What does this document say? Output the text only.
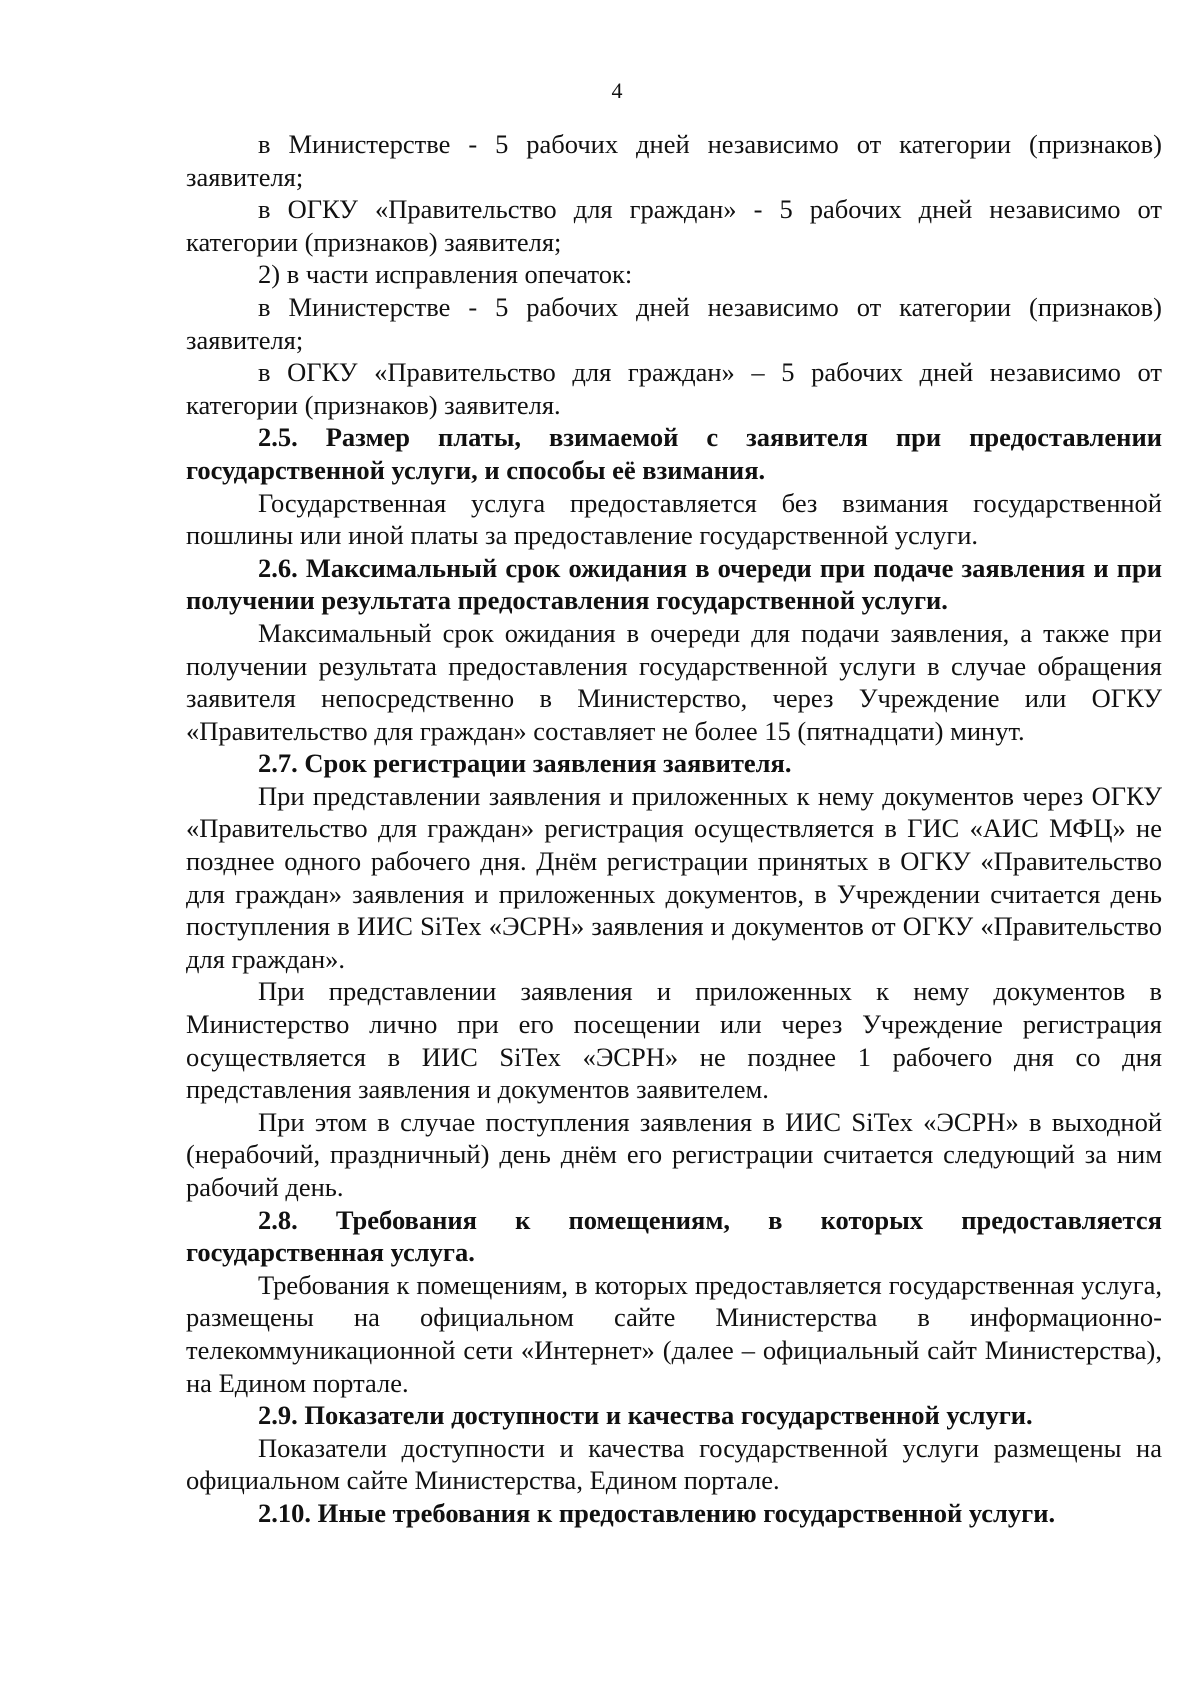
4

в Министерстве - 5 рабочих дней независимо от категории (признаков) заявителя;

в ОГКУ «Правительство для граждан» - 5 рабочих дней независимо от категории (признаков) заявителя;

2) в части исправления опечаток:

в Министерстве - 5 рабочих дней независимо от категории (признаков) заявителя;

в ОГКУ «Правительство для граждан» – 5 рабочих дней независимо от категории (признаков) заявителя.

2.5. Размер платы, взимаемой с заявителя при предоставлении государственной услуги, и способы её взимания.

Государственная услуга предоставляется без взимания государственной пошлины или иной платы за предоставление государственной услуги.

2.6. Максимальный срок ожидания в очереди при подаче заявления и при получении результата предоставления государственной услуги.

Максимальный срок ожидания в очереди для подачи заявления, а также при получении результата предоставления государственной услуги в случае обращения заявителя непосредственно в Министерство, через Учреждение или ОГКУ «Правительство для граждан» составляет не более 15 (пятнадцати) минут.

2.7. Срок регистрации заявления заявителя.

При представлении заявления и приложенных к нему документов через ОГКУ «Правительство для граждан» регистрация осуществляется в ГИС «АИС МФЦ» не позднее одного рабочего дня. Днём регистрации принятых в ОГКУ «Правительство для граждан» заявления и приложенных документов, в Учреждении считается день поступления в ИИС SiTex «ЭСРН» заявления и документов от ОГКУ «Правительство для граждан».

При представлении заявления и приложенных к нему документов в Министерство лично при его посещении или через Учреждение регистрация осуществляется в ИИС SiTex «ЭСРН» не позднее 1 рабочего дня со дня представления заявления и документов заявителем.

При этом в случае поступления заявления в ИИС SiTex «ЭСРН» в выходной (нерабочий, праздничный) день днём его регистрации считается следующий за ним рабочий день.

2.8. Требования к помещениям, в которых предоставляется государственная услуга.

Требования к помещениям, в которых предоставляется государственная услуга, размещены на официальном сайте Министерства в информационно-телекоммуникационной сети «Интернет» (далее – официальный сайт Министерства), на Едином портале.

2.9. Показатели доступности и качества государственной услуги.

Показатели доступности и качества государственной услуги размещены на официальном сайте Министерства, Едином портале.

2.10. Иные требования к предоставлению государственной услуги.
